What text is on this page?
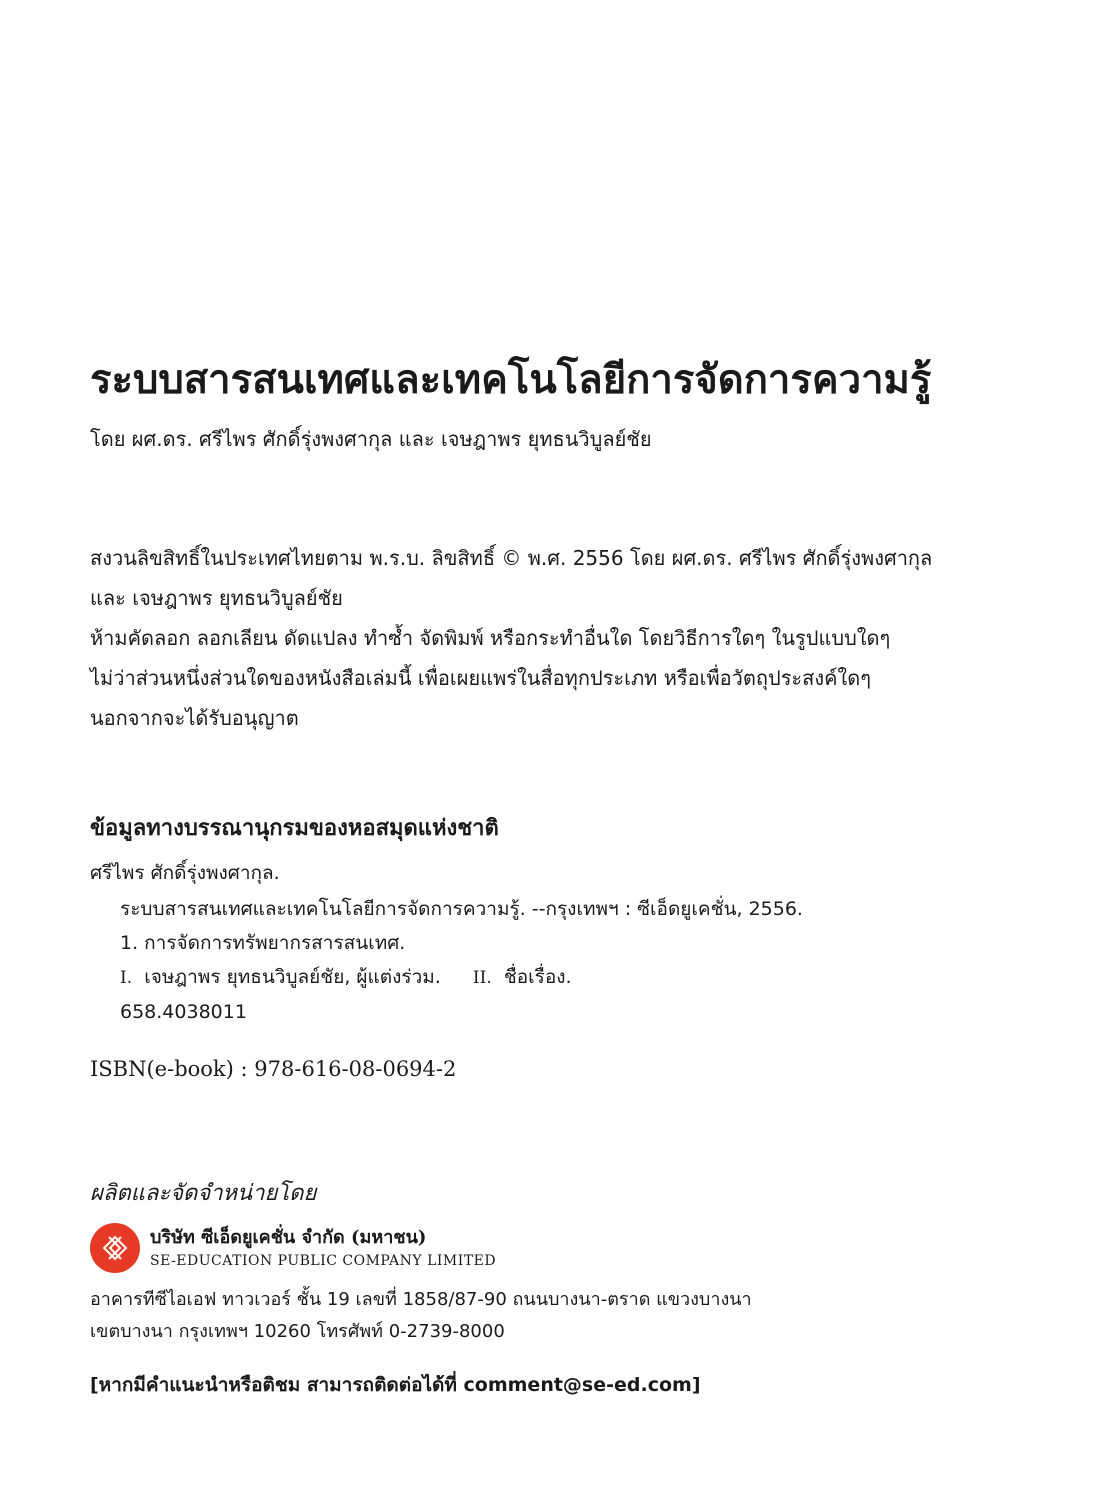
ระบบสารสนเทศและเทคโนโลยีการจัดการความรู้
โดย ผศ.ดร. ศรีไพร ศักดิ์รุ่งพงศากุล และ เจษฎาพร ยุทธนวิบูลย์ชัย
สงวนลิขสิทธิ์ในประเทศไทยตาม พ.ร.บ. ลิขสิทธิ์ © พ.ศ. 2556 โดย ผศ.ดร. ศรีไพร ศักดิ์รุ่งพงศากุล
และ เจษฎาพร ยุทธนวิบูลย์ชัย
ห้ามคัดลอก ลอกเลียน ดัดแปลง ทำซ้ำ จัดพิมพ์ หรือกระทำอื่นใด โดยวิธีการใดๆ ในรูปแบบใดๆ
ไม่ว่าส่วนหนึ่งส่วนใดของหนังสือเล่มนี้ เพื่อเผยแพร่ในสื่อทุกประเภท หรือเพื่อวัตถุประสงค์ใดๆ
นอกจากจะได้รับอนุญาต
ข้อมูลทางบรรณานุกรมของหอสมุดแห่งชาติ
ศรีไพร ศักดิ์รุ่งพงศากุล.
ระบบสารสนเทศและเทคโนโลยีการจัดการความรู้. --กรุงเทพฯ : ซีเอ็ดยูเคชั่น, 2556.
1. การจัดการทรัพยากรสารสนเทศ.
I. เจษฎาพร ยุทธนวิบูลย์ชัย, ผู้แต่งร่วม. II. ชื่อเรื่อง.
658.4038011
ISBN(e-book) : 978-616-08-0694-2
ผลิตและจัดจำหน่ายโดย
บริษัท ซีเอ็ดยูเคชั่น จำกัด (มหาชน)
SE-EDUCATION PUBLIC COMPANY LIMITED
อาคารทีซีไอเอฟ ทาวเวอร์ ชั้น 19 เลขที่ 1858/87-90 ถนนบางนา-ตราด แขวงบางนา
เขตบางนา กรุงเทพฯ 10260 โทรศัพท์ 0-2739-8000
[หากมีคำแนะนำหรือติชม สามารถติดต่อได้ที่ comment@se-ed.com]
